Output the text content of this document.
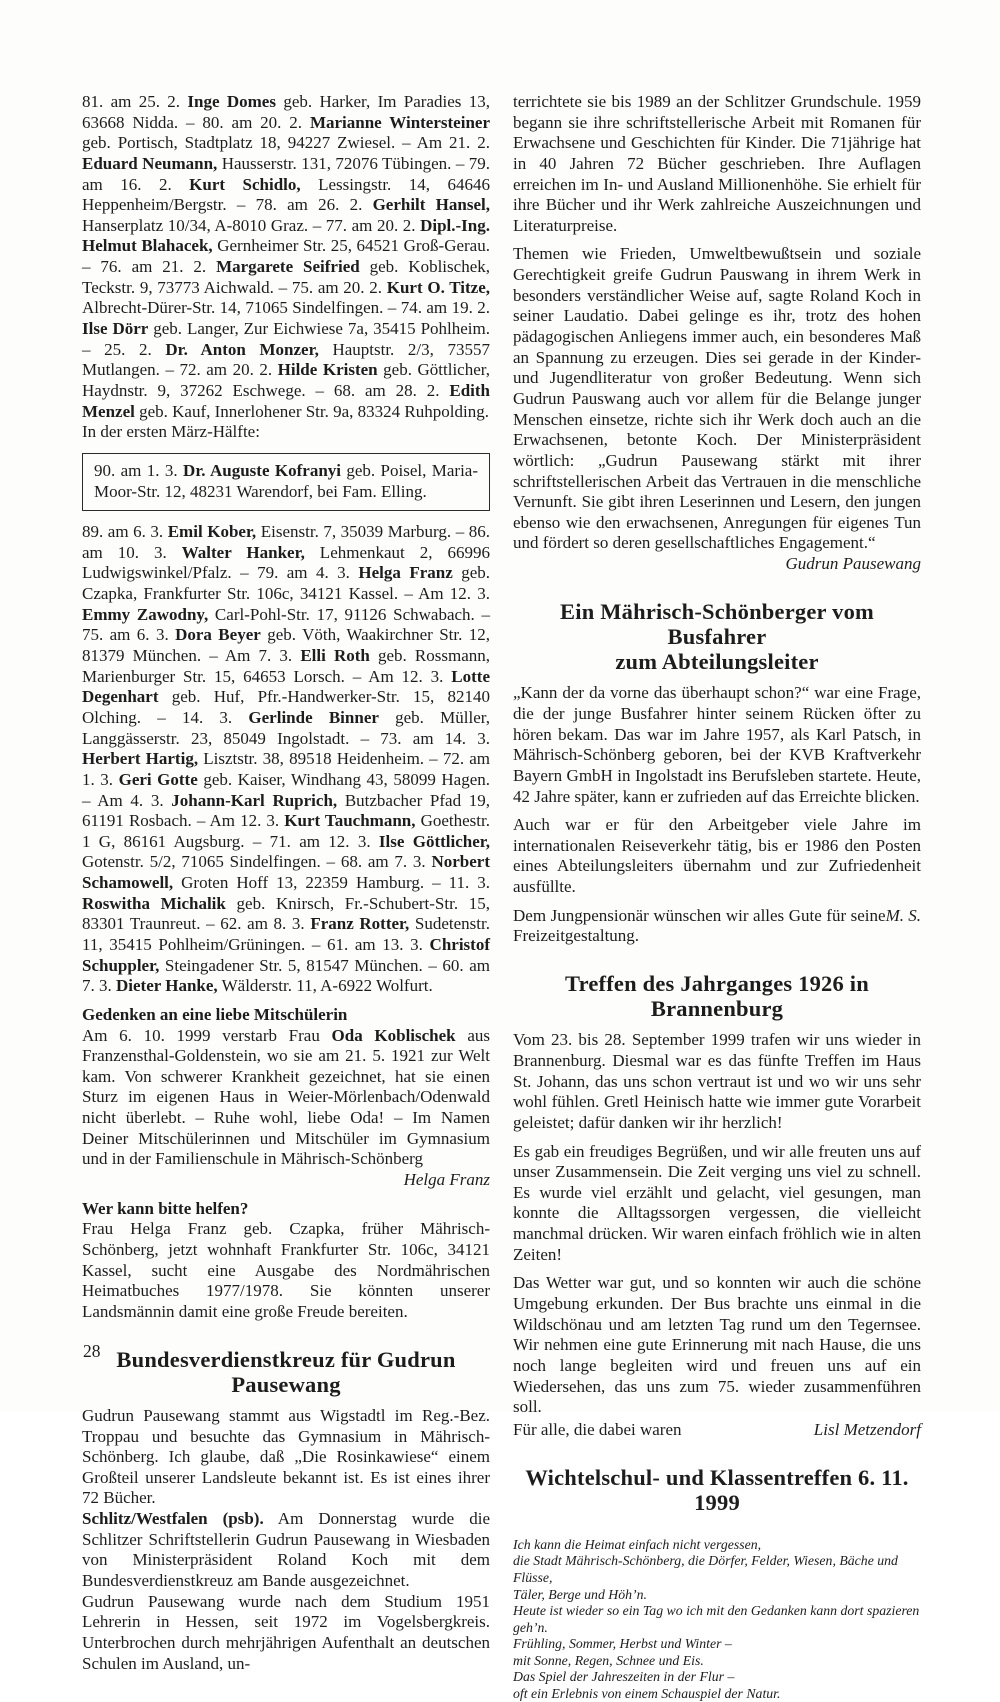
81. am 25. 2. Inge Domes geb. Harker, Im Paradies 13, 63668 Nidda. – 80. am 20. 2. Marianne Wintersteiner geb. Portisch, Stadtplatz 18, 94227 Zwiesel. – Am 21. 2. Eduard Neumann, Hausserstr. 131, 72076 Tübingen. – 79. am 16. 2. Kurt Schidlo, Lessingstr. 14, 64646 Heppenheim/Bergstr. – 78. am 26. 2. Gerhilt Hansel, Hanserplatz 10/34, A-8010 Graz. – 77. am 20. 2. Dipl.-Ing. Helmut Blahacek, Gernheimer Str. 25, 64521 Groß-Gerau. – 76. am 21. 2. Margarete Seifried geb. Koblischek, Teckstr. 9, 73773 Aichwald. – 75. am 20. 2. Kurt O. Titze, Albrecht-Dürer-Str. 14, 71065 Sindelfingen. – 74. am 19. 2. Ilse Dörr geb. Langer, Zur Eichwiese 7a, 35415 Pohlheim. – 25. 2. Dr. Anton Monzer, Hauptstr. 2/3, 73557 Mutlangen. – 72. am 20. 2. Hilde Kristen geb. Göttlicher, Haydnstr. 9, 37262 Eschwege. – 68. am 28. 2. Edith Menzel geb. Kauf, Innerlohener Str. 9a, 83324 Ruhpolding.

In der ersten März-Hälfte:

90. am 1. 3. Dr. Auguste Kofranyi geb. Poisel, Maria-Moor-Str. 12, 48231 Warendorf, bei Fam. Elling.

89. am 6. 3. Emil Kober, Eisenstr. 7, 35039 Marburg. – 86. am 10. 3. Walter Hanker, Lehmenkaut 2, 66996 Ludwigswinkel/Pfalz. – 79. am 4. 3. Helga Franz geb. Czapka, Frankfurter Str. 106c, 34121 Kassel. – Am 12. 3. Emmy Zawodny, Carl-Pohl-Str. 17, 91126 Schwabach. – 75. am 6. 3. Dora Beyer geb. Vöth, Waakirchner Str. 12, 81379 München. – Am 7. 3. Elli Roth geb. Rossmann, Marienburger Str. 15, 64653 Lorsch. – Am 12. 3. Lotte Degenhart geb. Huf, Pfr.-Handwerker-Str. 15, 82140 Olching. – 14. 3. Gerlinde Binner geb. Müller, Langgässerstr. 23, 85049 Ingolstadt. – 73. am 14. 3. Herbert Hartig, Lisztstr. 38, 89518 Heidenheim. – 72. am 1. 3. Geri Gotte geb. Kaiser, Windhang 43, 58099 Hagen. – Am 4. 3. Johann-Karl Ruprich, Butzbacher Pfad 19, 61191 Rosbach. – Am 12. 3. Kurt Tauchmann, Goethestr. 1 G, 86161 Augsburg. – 71. am 12. 3. Ilse Göttlicher, Gotenstr. 5/2, 71065 Sindelfingen. – 68. am 7. 3. Norbert Schamowell, Groten Hoff 13, 22359 Hamburg. – 11. 3. Roswitha Michalik geb. Knirsch, Fr.-Schubert-Str. 15, 83301 Traunreut. – 62. am 8. 3. Franz Rotter, Sudetenstr. 11, 35415 Pohlheim/Grüningen. – 61. am 13. 3. Christof Schuppler, Steingadener Str. 5, 81547 München. – 60. am 7. 3. Dieter Hanke, Wälderstr. 11, A-6922 Wolfurt.

Gedenken an eine liebe Mitschülerin

Am 6. 10. 1999 verstarb Frau Oda Koblischek aus Franzensthal-Goldenstein, wo sie am 21. 5. 1921 zur Welt kam. Von schwerer Krankheit gezeichnet, hat sie einen Sturz im eigenen Haus in Weier-Mörlenbach/Odenwald nicht überlebt. – Ruhe wohl, liebe Oda! – Im Namen Deiner Mitschülerinnen und Mitschüler im Gymnasium und in der Familienschule in Mährisch-Schönberg

Helga Franz
Wer kann bitte helfen?

Frau Helga Franz geb. Czapka, früher Mährisch-Schönberg, jetzt wohnhaft Frankfurter Str. 106c, 34121 Kassel, sucht eine Ausgabe des Nordmährischen Heimatbuches 1977/1978. Sie könnten unserer Landsmännin damit eine große Freude bereiten.

Bundesverdienstkreuz für Gudrun Pausewang

Gudrun Pausewang stammt aus Wigstadtl im Reg.-Bez. Troppau und besuchte das Gymnasium in Mährisch-Schönberg. Ich glaube, daß „Die Rosinkawiese“ einem Großteil unserer Landsleute bekannt ist. Es ist eines ihrer 72 Bücher.

Schlitz/Westfalen (psb). Am Donnerstag wurde die Schlitzer Schriftstellerin Gudrun Pausewang in Wiesbaden von Ministerpräsident Roland Koch mit dem Bundesverdienstkreuz am Bande ausgezeichnet.

Gudrun Pausewang wurde nach dem Studium 1951 Lehrerin in Hessen, seit 1972 im Vogelsbergkreis. Unterbrochen durch mehrjährigen Aufenthalt an deutschen Schulen im Ausland, un-

terrichtete sie bis 1989 an der Schlitzer Grundschule. 1959 begann sie ihre schriftstellerische Arbeit mit Romanen für Erwachsene und Geschichten für Kinder. Die 71jährige hat in 40 Jahren 72 Bücher geschrieben. Ihre Auflagen erreichen im In- und Ausland Millionenhöhe. Sie erhielt für ihre Bücher und ihr Werk zahlreiche Auszeichnungen und Literaturpreise.

Themen wie Frieden, Umweltbewußtsein und soziale Gerechtigkeit greife Gudrun Pauswang in ihrem Werk in besonders verständlicher Weise auf, sagte Roland Koch in seiner Laudatio. Dabei gelinge es ihr, trotz des hohen pädagogischen Anliegens immer auch, ein besonderes Maß an Spannung zu erzeugen. Dies sei gerade in der Kinder- und Jugendliteratur von großer Bedeutung. Wenn sich Gudrun Pauswang auch vor allem für die Belange junger Menschen einsetze, richte sich ihr Werk doch auch an die Erwachsenen, betonte Koch. Der Ministerpräsident wörtlich: „Gudrun Pausewang stärkt mit ihrer schriftstellerischen Arbeit das Vertrauen in die menschliche Vernunft. Sie gibt ihren Leserinnen und Lesern, den jungen ebenso wie den erwachsenen, Anregungen für eigenes Tun und fördert so deren gesellschaftliches Engagement.“

Gudrun Pausewang
Ein Mährisch-Schönberger vom Busfahrer
zum Abteilungsleiter

„Kann der da vorne das überhaupt schon?“ war eine Frage, die der junge Busfahrer hinter seinem Rücken öfter zu hören bekam. Das war im Jahre 1957, als Karl Patsch, in Mährisch-Schönberg geboren, bei der KVB Kraftverkehr Bayern GmbH in Ingolstadt ins Berufsleben startete. Heute, 42 Jahre später, kann er zufrieden auf das Erreichte blicken.

Auch war er für den Arbeitgeber viele Jahre im internationalen Reiseverkehr tätig, bis er 1986 den Posten eines Abteilungsleiters übernahm und zur Zufriedenheit ausfüllte.

M. S.
Dem Jungpensionär wünschen wir alles Gute für seine Freizeitgestaltung.

Treffen des Jahrganges 1926 in Brannenburg

Vom 23. bis 28. September 1999 trafen wir uns wieder in Brannenburg. Diesmal war es das fünfte Treffen im Haus St. Johann, das uns schon vertraut ist und wo wir uns sehr wohl fühlen. Gretl Heinisch hatte wie immer gute Vorarbeit geleistet; dafür danken wir ihr herzlich!

Es gab ein freudiges Begrüßen, und wir alle freuten uns auf unser Zusammensein. Die Zeit verging uns viel zu schnell. Es wurde viel erzählt und gelacht, viel gesungen, man konnte die Alltagssorgen vergessen, die vielleicht manchmal drücken. Wir waren einfach fröhlich wie in alten Zeiten!

Das Wetter war gut, und so konnten wir auch die schöne Umgebung erkunden. Der Bus brachte uns einmal in die Wildschönau und am letzten Tag rund um den Tegernsee. Wir nehmen eine gute Erinnerung mit nach Hause, die uns noch lange begleiten wird und freuen uns auf ein Wiedersehen, das uns zum 75. wieder zusammenführen soll.

Für alle, die dabei waren	Lisl Metzendorf
Wichtelschul- und Klassentreffen 6. 11. 1999
Ich kann die Heimat einfach nicht vergessen,
die Stadt Mährisch-Schönberg, die Dörfer, Felder, Wiesen, Bäche und Flüsse,
Täler, Berge und Höh’n.
Heute ist wieder so ein Tag wo ich mit den Gedanken kann dort spazieren geh’n.
Frühling, Sommer, Herbst und Winter –
mit Sonne, Regen, Schnee und Eis.
Das Spiel der Jahreszeiten in der Flur –
oft ein Erlebnis von einem Schauspiel der Natur.
28
